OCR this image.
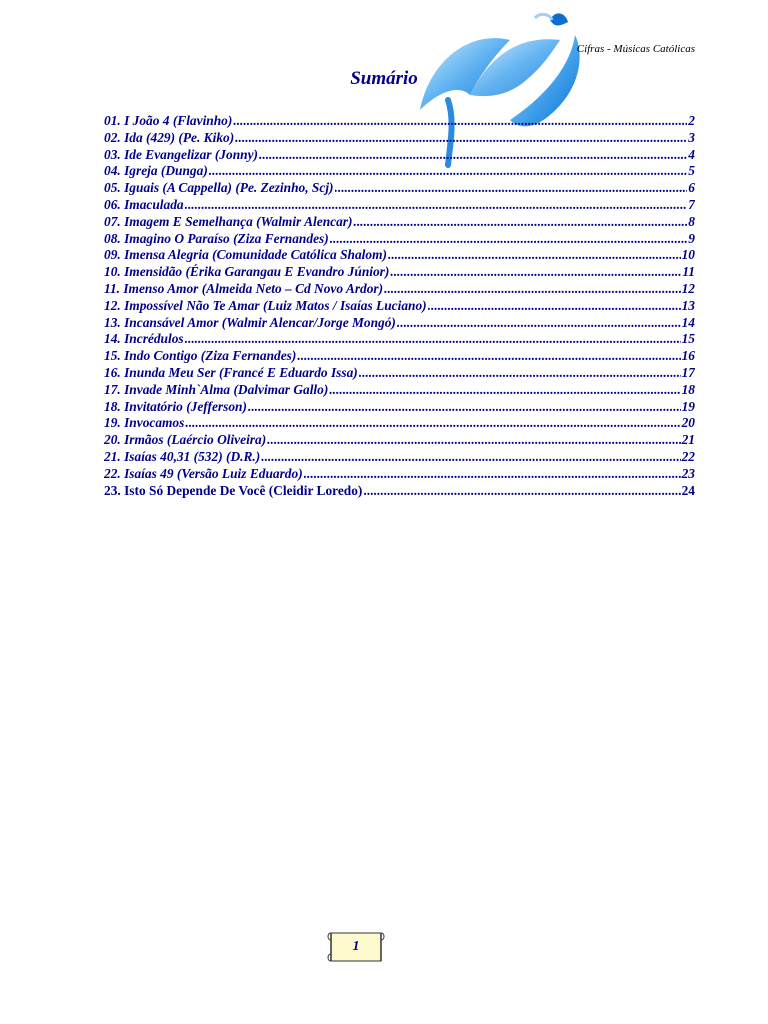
Cifras - Músicas Católicas
Sumário
01. I João 4 (Flavinho) .....	2
02. Ida (429) (Pe. Kiko) .....	3
03. Ide Evangelizar (Jonny) .....	4
04. Igreja (Dunga) .....	5
05. Iguais (A Cappella) (Pe. Zezinho, Scj) .....	6
06. Imaculada .....	7
07. Imagem E Semelhança (Walmir Alencar) .....	8
08. Imagino O Paraíso (Ziza Fernandes) .....	9
09. Imensa Alegria (Comunidade Católica Shalom) .....	10
10. Imensidão (Érika Garangau E Evandro Júnior) .....	11
11. Imenso Amor (Almeida Neto – Cd Novo Ardor) .....	12
12. Impossível Não Te Amar (Luiz Matos / Isaías Luciano) .....	13
13. Incansável Amor (Walmir Alencar/Jorge Mongó) .....	14
14. Incrédulos .....	15
15. Indo Contigo (Ziza Fernandes) .....	16
16. Inunda Meu Ser (Francé E Eduardo Issa) .....	17
17. Invade Minh`Alma (Dalvimar Gallo) .....	18
18. Invitatório (Jefferson) .....	19
19. Invocamos .....	20
20. Irmãos (Laércio Oliveira) .....	21
21. Isaías 40,31 (532) (D.R.) .....	22
22. Isaías 49 (Versão Luiz Eduardo) .....	23
23. Isto Só Depende De Você (Cleidir Loredo) .....	24
1
